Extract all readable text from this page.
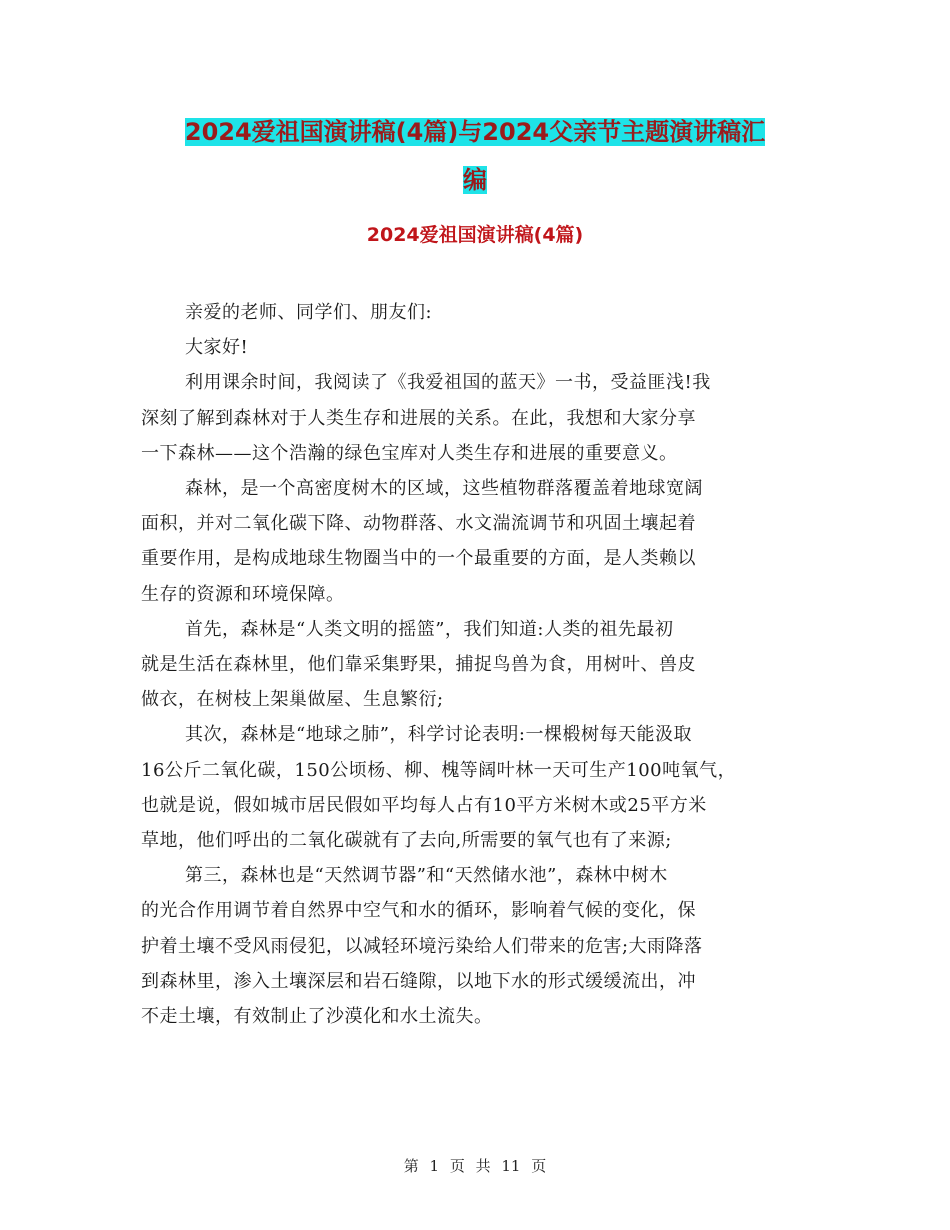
2024爱祖国演讲稿(4篇)与2024父亲节主题演讲稿汇
编
2024爱祖国演讲稿(4篇)

亲爱的老师、同学们、朋友们:

大家好!

利用课余时间，我阅读了《我爱祖国的蓝天》一书，受益匪浅!我
深刻了解到森林对于人类生存和进展的关系。在此，我想和大家分享
一下森林——这个浩瀚的绿色宝库对人类生存和进展的重要意义。

森林，是一个高密度树木的区域，这些植物群落覆盖着地球宽阔
面积，并对二氧化碳下降、动物群落、水文湍流调节和巩固土壤起着
重要作用，是构成地球生物圈当中的一个最重要的方面，是人类赖以
生存的资源和环境保障。

首先，森林是“人类文明的摇篮”，我们知道:人类的祖先最初
就是生活在森林里，他们靠采集野果，捕捉鸟兽为食，用树叶、兽皮
做衣，在树枝上架巢做屋、生息繁衍;

其次，森林是“地球之肺”，科学讨论表明:一棵椴树每天能汲取
16公斤二氧化碳，150公顷杨、柳、槐等阔叶林一天可生产100吨氧气，
也就是说，假如城市居民假如平均每人占有10平方米树木或25平方米
草地，他们呼出的二氧化碳就有了去向,所需要的氧气也有了来源;

第三，森林也是“天然调节器”和“天然储水池”，森林中树木
的光合作用调节着自然界中空气和水的循环，影响着气候的变化，保
护着土壤不受风雨侵犯，以减轻环境污染给人们带来的危害;大雨降落
到森林里，渗入土壤深层和岩石缝隙，以地下水的形式缓缓流出，冲
不走土壤，有效制止了沙漠化和水土流失。

第 1 页 共 11 页
